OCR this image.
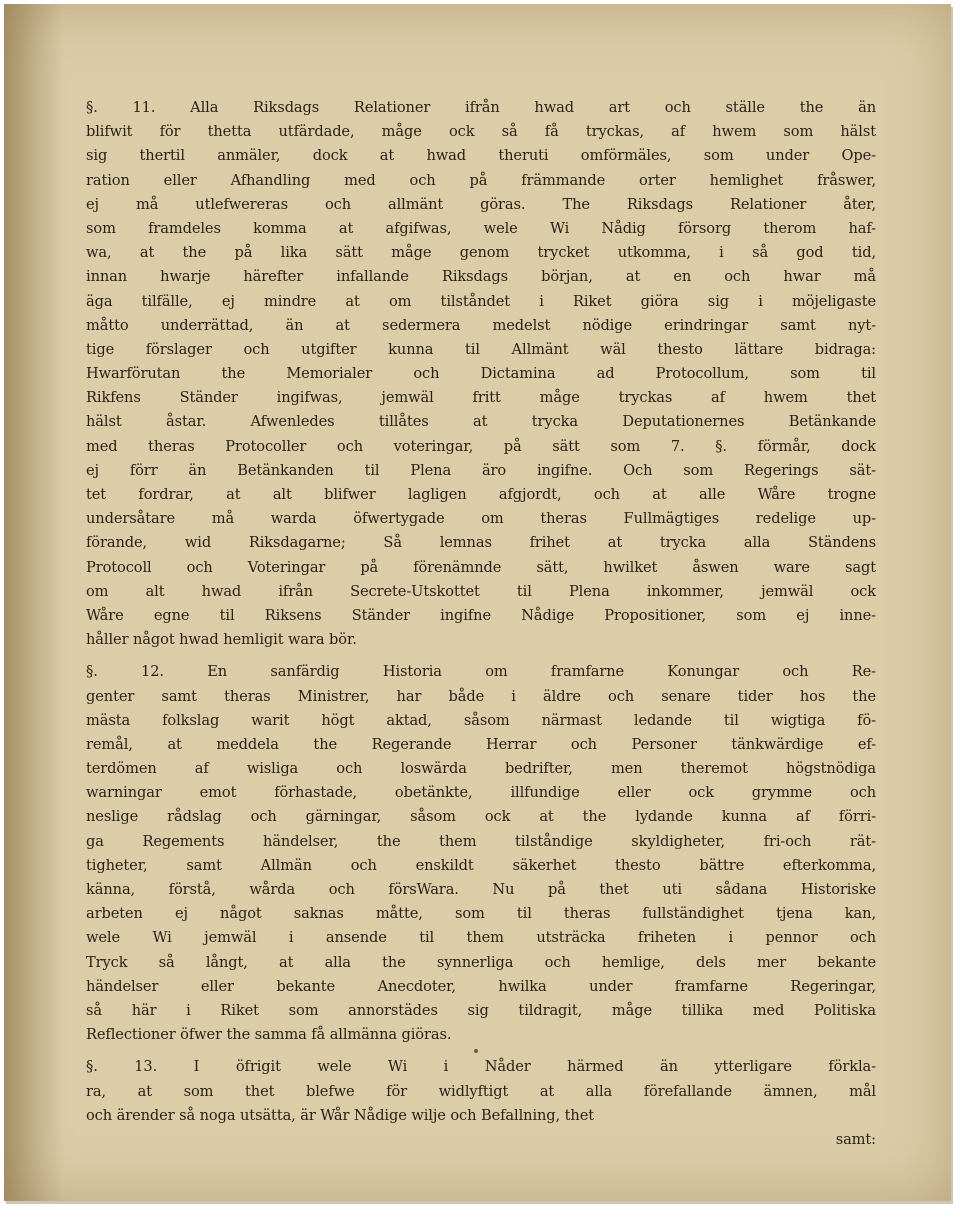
§. 11. Alla Riksdags Relationer ifrån hwad art och ställe the än
blifwit för thetta utfärdade, måge ock så få tryckas, af hwem som hälst
sig thertil anmäler, dock at hwad theruti omförmäles, som under Ope-
ration eller Afhandling med och på främmande orter hemlighet fråswer,
ej må utlefwereras och allmänt göras. The Riksdags Relationer åter,
som framdeles komma at afgifwas, wele Wi Nådig försorg therom haf-
wa, at the på lika sätt måge genom trycket utkomma, i så god tid,
innan hwarje härefter infallande Riksdags början, at en och hwar må
äga tilfälle, ej mindre at om tilståndet i Riket giöra sig i möjeligaste
måtto underrättad, än at sedermera medelst nödige erindringar samt nyt-
tige förslager och utgifter kunna til Allmänt wäl thesto lättare bidraga:
Hwarförutan the Memorialer och Dictamina ad Protocollum, som til
Rikfens Ständer ingifwas, jemwäl fritt måge tryckas af hwem thet
hälst åstar. Afwenledes tillåtes at trycka Deputationernes Betänkande
med theras Protocoller och voteringar, på sätt som 7. §. förmår, dock
ej förr än Betänkanden til Plena äro ingifne. Och som Regerings sät-
tet fordrar, at alt blifwer lagligen afgjordt, och at alle Wåre trogne
undersåtare må warda öfwertygade om theras Fullmägtiges redelige up-
förande, wid Riksdagarne; Så lemnas frihet at trycka alla Ständens
Protocoll och Voteringar på förenämnde sätt, hwilket åswen ware sagt
om alt hwad ifrån Secrete-Utskottet til Plena inkommer, jemwäl ock
Wåre egne til Riksens Ständer ingifne Nådige Propositioner, som ej inne-
håller något hwad hemligit wara bör.
§. 12. En sanfärdig Historia om framfarne Konungar och Re-
genter samt theras Ministrer, har både i äldre och senare tider hos the
mästa folkslag warit högt aktad, såsom närmast ledande til wigtiga fö-
remål, at meddela the Regerande Herrar och Personer tänkwärdige ef-
terdömen af wisliga och loswärda bedrifter, men theremot högstnödiga
warningar emot förhastade, obetänkte, illfundige eller ock grymme och
neslige rådslag och gärningar, såsom ock at the lydande kunna af förri-
ga Regements händelser, the them tilståndige skyldigheter, fri-och rät-
tigheter, samt Allmän och enskildt säkerhet thesto bättre efterkomma,
känna, förstå, wårda och försWara. Nu på thet uti sådana Historiske
arbeten ej något saknas måtte, som til theras fullständighet tjena kan,
wele Wi jemwäl i ansende til them utsträcka friheten i pennor och
Tryck så långt, at alla the synnerliga och hemlige, dels mer bekante
händelser eller bekante Anecdoter, hwilka under framfarne Regeringar,
så här i Riket som annorstädes sig tildragit, måge tillika med Politiska
Reflectioner öfwer the samma få allmänna giöras.
§. 13. I öfrigit wele Wi i Nåder härmed än ytterligare förkla-
ra, at som thet blefwe för widlyftigt at alla förefallande ämnen, mål
och ärender så noga utsätta, är Wår Nådige wilje och Befallning, thet
samt:
